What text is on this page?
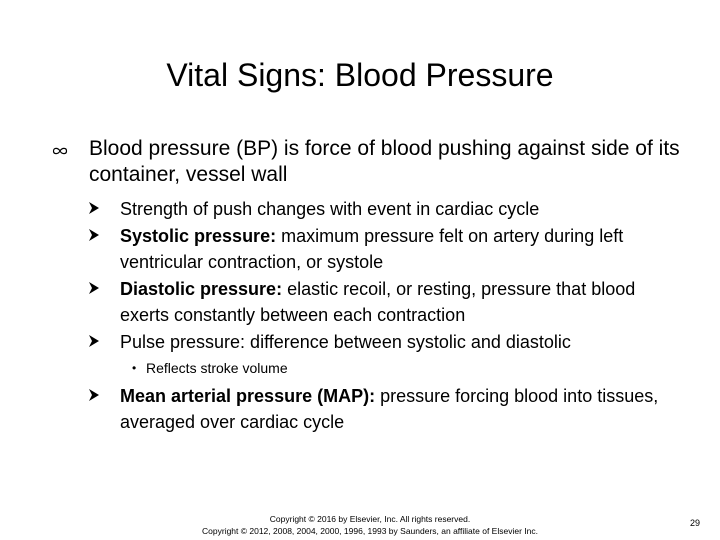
Vital Signs: Blood Pressure
Blood pressure (BP) is force of blood pushing against side of its container, vessel wall
Strength of push changes with event in cardiac cycle
Systolic pressure: maximum pressure felt on artery during left ventricular contraction, or systole
Diastolic pressure: elastic recoil, or resting, pressure that blood exerts constantly between each contraction
Pulse pressure: difference between systolic and diastolic
• Reflects stroke volume
Mean arterial pressure (MAP): pressure forcing blood into tissues, averaged over cardiac cycle
Copyright © 2016 by Elsevier, Inc. All rights reserved.
Copyright © 2012, 2008, 2004, 2000, 1996, 1993 by Saunders, an affiliate of Elsevier Inc.
29
